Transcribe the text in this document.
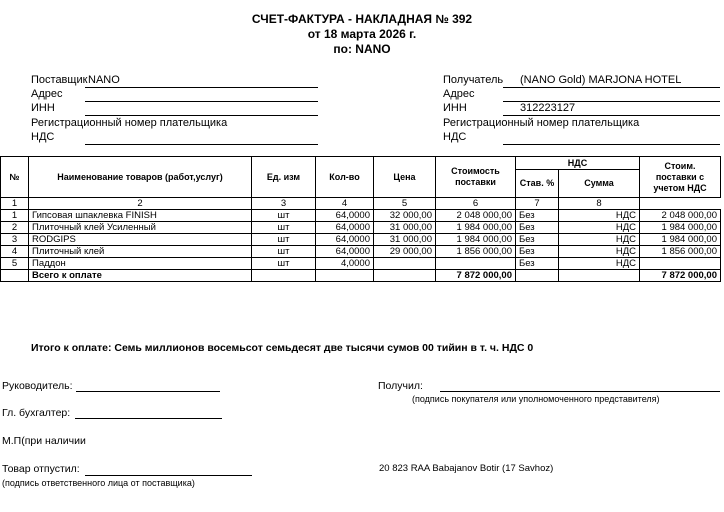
СЧЕТ-ФАКТУРА - НАКЛАДНАЯ № 392
от 18 марта 2026 г.
по: NANO
Поставщик NANO
Адрес
ИНН
Регистрационный номер плательщика
НДС
Получатель (NANO Gold) MARJONA HOTEL
Адрес
ИНН	312223127
Регистрационный номер плательщика
НДС
№	Наименование товаров (работ,услуг)	Ед. изм	Кол-во	Цена	Стоимость поставки	НДС		Стоим. поставки с учетом НДС
						Став. %	Сумма	
1	2	3	4	5	6	7	8	
1	Гипсовая шпаклевка FINISH	шт	64,0000	32 000,00	2 048 000,00	Без	НДС	2 048 000,00
2	Плиточный клей Усиленный	шт	64,0000	31 000,00	1 984 000,00	Без	НДС	1 984 000,00
3	RODGIPS	шт	64,0000	31 000,00	1 984 000,00	Без	НДС	1 984 000,00
4	Плиточный клей	шт	64,0000	29 000,00	1 856 000,00	Без	НДС	1 856 000,00
5	Паддон	шт	4,0000			Без	НДС	
	Всего к оплате				7 872 000,00			7 872 000,00
Итого к оплате: Семь миллионов восемьсот семьдесят две тысячи сумов 00 тийин в т. ч. НДС 0
Руководитель:
Гл. бухгалтер:
М.П(при наличии
Товар отпустил:
(подпись ответственного лица от поставщика)
Получил:
(подпись покупателя или уполномоченного представителя)
20 823 RAA Babajanov Botir (17 Savhoz)
